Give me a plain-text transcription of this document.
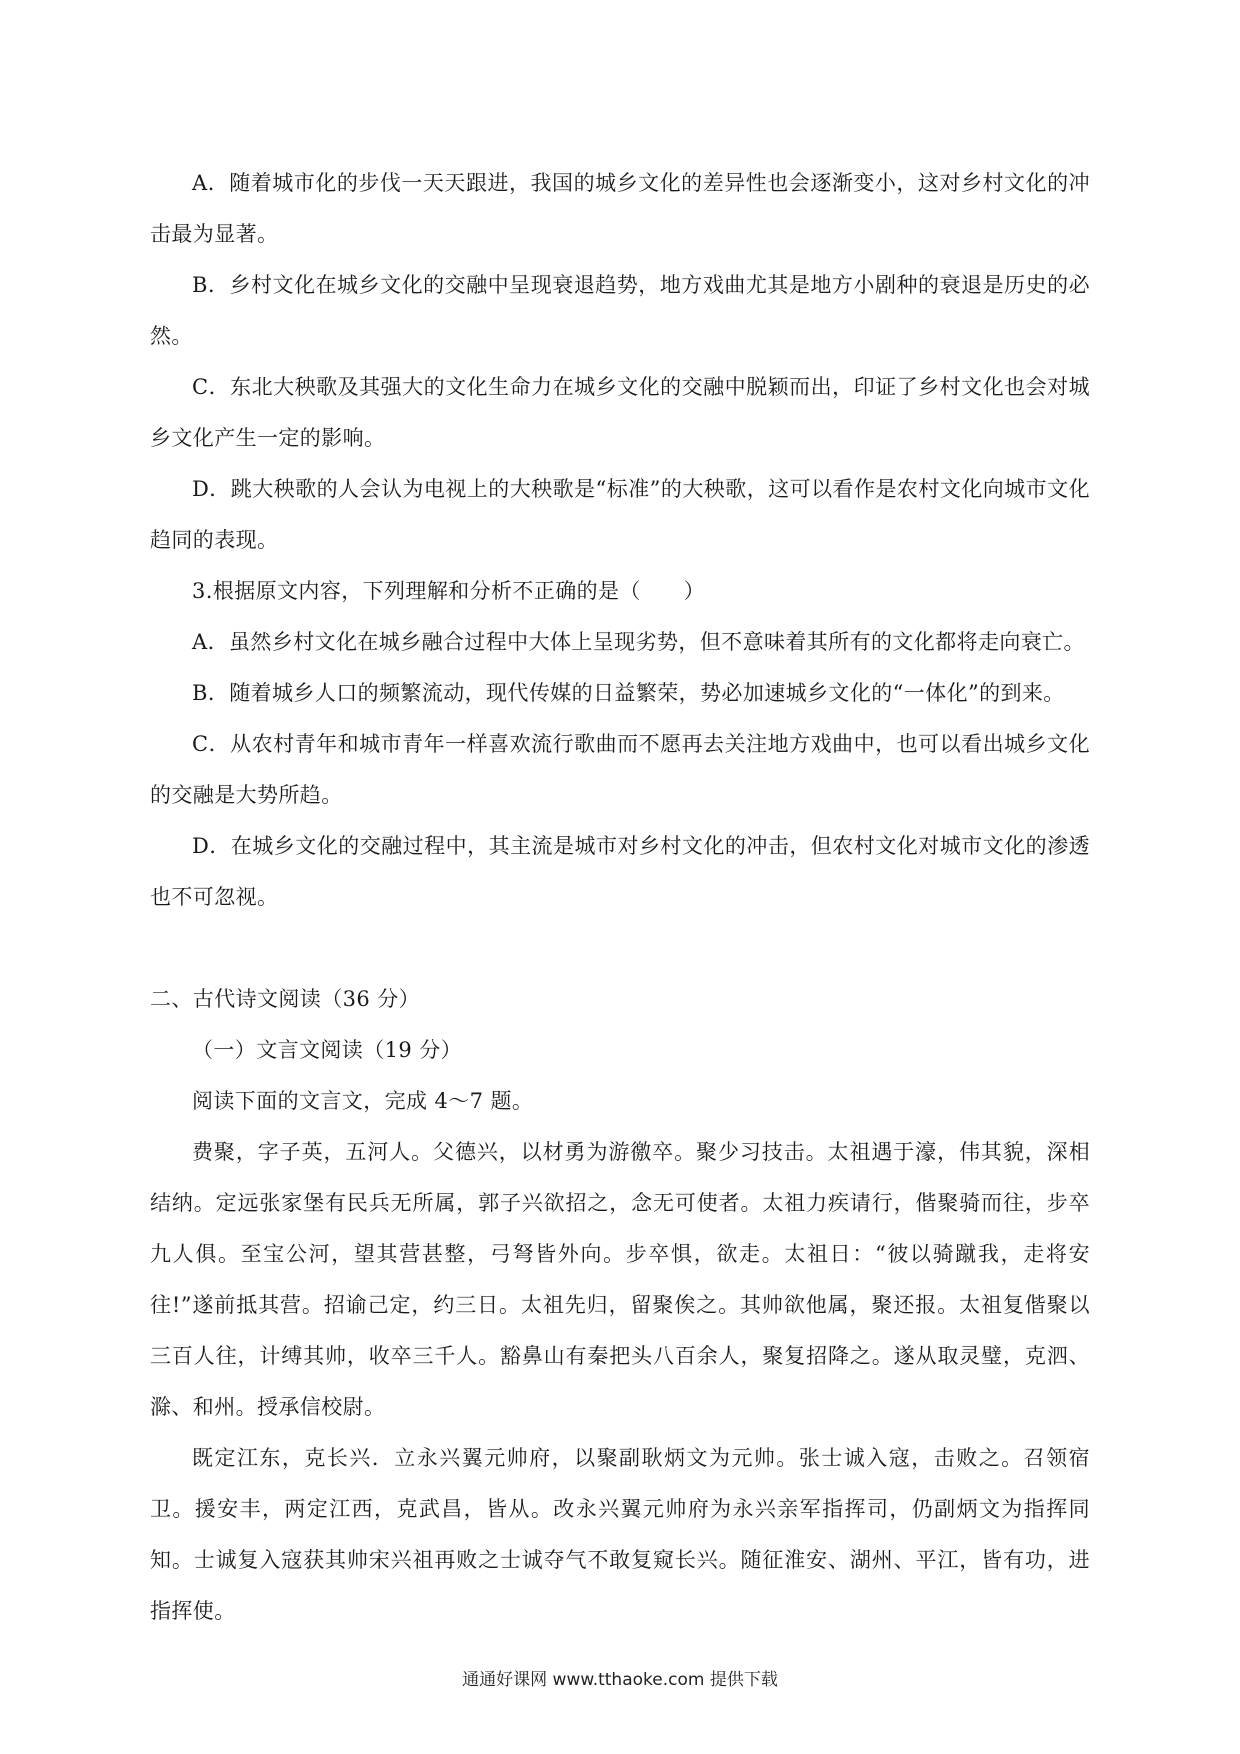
A．随着城市化的步伐一天天跟进，我国的城乡文化的差异性也会逐渐变小，这对乡村文化的冲击最为显著。

B．乡村文化在城乡文化的交融中呈现衰退趋势，地方戏曲尤其是地方小剧种的衰退是历史的必然。

C．东北大秧歌及其强大的文化生命力在城乡文化的交融中脱颖而出，印证了乡村文化也会对城乡文化产生一定的影响。

D．跳大秧歌的人会认为电视上的大秧歌是“标准”的大秧歌，这可以看作是农村文化向城市文化趋同的表现。

3.根据原文内容，下列理解和分析不正确的是（　　）

A．虽然乡村文化在城乡融合过程中大体上呈现劣势，但不意味着其所有的文化都将走向衰亡。

B．随着城乡人口的频繁流动，现代传媒的日益繁荣，势必加速城乡文化的“一体化”的到来。

C．从农村青年和城市青年一样喜欢流行歌曲而不愿再去关注地方戏曲中，也可以看出城乡文化的交融是大势所趋。

D．在城乡文化的交融过程中，其主流是城市对乡村文化的冲击，但农村文化对城市文化的渗透也不可忽视。

二、古代诗文阅读（36 分）

（一）文言文阅读（19 分）

阅读下面的文言文，完成 4～7 题。

费聚，字子英，五河人。父德兴，以材勇为游徼卒。聚少习技击。太祖遇于濠，伟其貌，深相结纳。定远张家堡有民兵无所属，郭子兴欲招之，念无可使者。太祖力疾请行，偕聚骑而往，步卒九人俱。至宝公河，望其营甚整，弓弩皆外向。步卒惧，欲走。太祖日：“彼以骑蹴我，走将安往!”遂前抵其营。招谕己定，约三日。太祖先归，留聚俟之。其帅欲他属，聚还报。太祖复偕聚以三百人往，计缚其帅，收卒三千人。豁鼻山有秦把头八百余人，聚复招降之。遂从取灵璧，克泗、滁、和州。授承信校尉。

既定江东，克长兴．立永兴翼元帅府，以聚副耿炳文为元帅。张士诚入寇，击败之。召领宿卫。援安丰，两定江西，克武昌，皆从。改永兴翼元帅府为永兴亲军指挥司，仍副炳文为指挥同知。士诚复入寇获其帅宋兴祖再败之士诚夺气不敢复窥长兴。随征淮安、湖州、平江，皆有功，进指挥使。

通通好课网 www.tthaoke.com 提供下载
